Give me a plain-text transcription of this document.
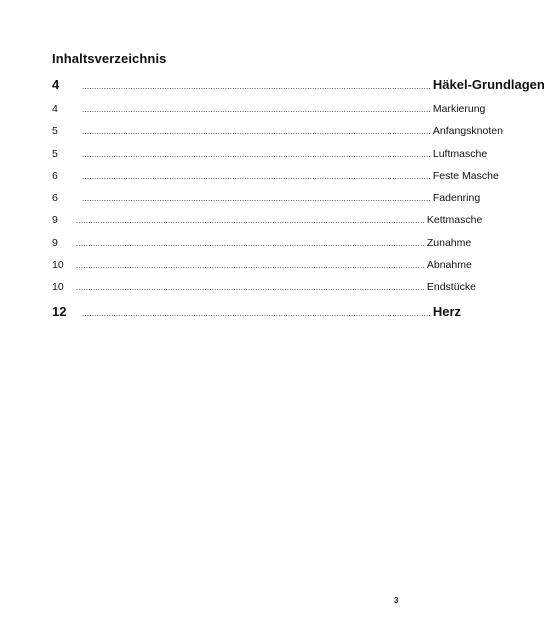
Inhaltsverzeichnis
4	................................................................................................................................................ Häkel-Grundlagen
4	................................................................................................................................................ Markierung
5	................................................................................................................................................ Anfangsknoten
5	................................................................................................................................................ Luftmasche
6	................................................................................................................................................ Feste Masche
6	................................................................................................................................................ Fadenring
9	................................................................................................................................................ Kettmasche
9	................................................................................................................................................ Zunahme
10	................................................................................................................................................ Abnahme
10	................................................................................................................................................ Endstücke
12	................................................................................................................................................ Herz
3
